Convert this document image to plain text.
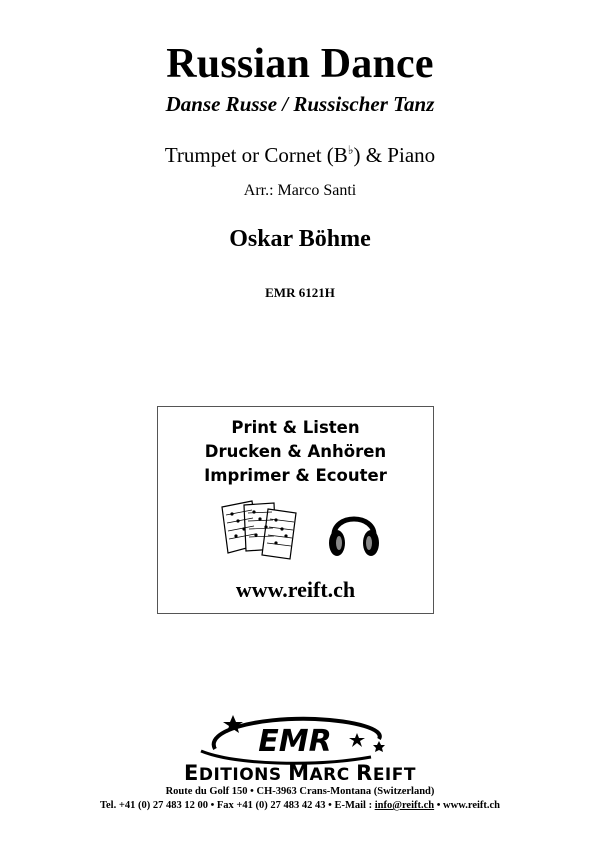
Russian Dance
Danse Russe / Russischer Tanz
Trumpet or Cornet (B♭) & Piano
Arr.: Marco Santi
Oskar Böhme
EMR 6121H
Print & Listen
Drucken & Anhören
Imprimer & Ecouter
www.reift.ch
EMR
EDITIONS MARC REIFT
Route du Golf 150 • CH-3963 Crans-Montana (Switzerland)
Tel. +41 (0) 27 483 12 00 • Fax +41 (0) 27 483 42 43 • E-Mail : info@reift.ch • www.reift.ch
